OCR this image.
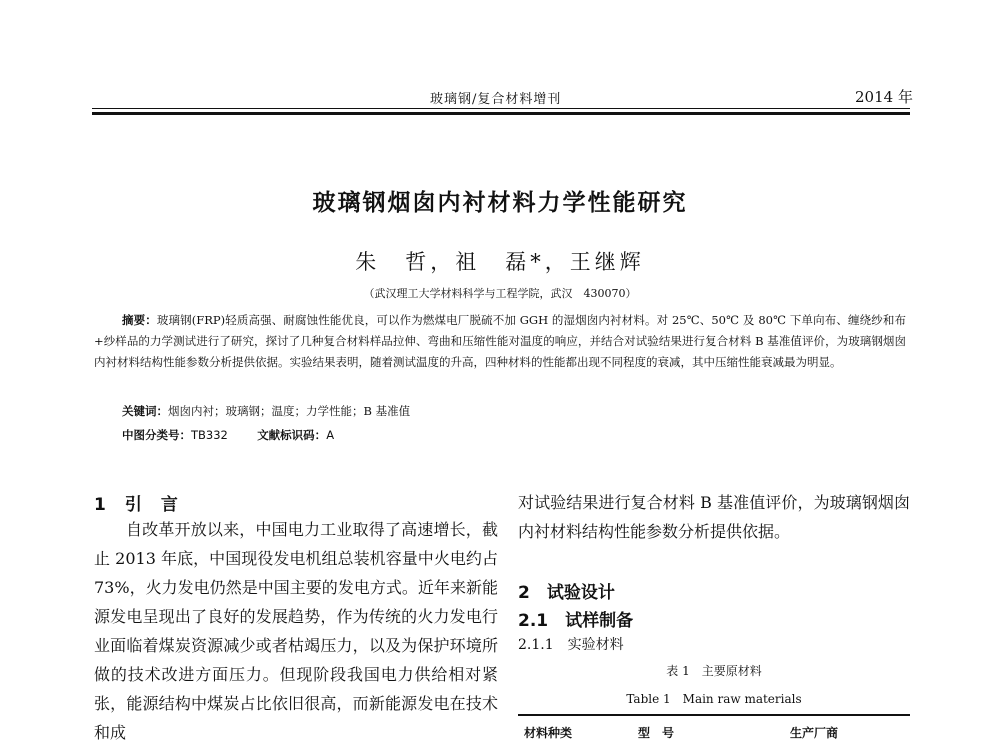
玻璃钢/复合材料增刊	2014 年
玻璃钢烟囱内衬材料力学性能研究
朱　哲，祖　磊*，王继辉
（武汉理工大学材料科学与工程学院，武汉　430070）
摘要：玻璃钢(FRP)轻质高强、耐腐蚀性能优良，可以作为燃煤电厂脱硫不加 GGH 的湿烟囱内衬材料。对 25℃、50℃ 及 80℃ 下单向布、缠绕纱和布+纱样品的力学测试进行了研究，探讨了几种复合材料样品拉伸、弯曲和压缩性能对温度的响应，并结合对试验结果进行复合材料 B 基准值评价，为玻璃钢烟囱内衬材料结构性能参数分析提供依据。实验结果表明，随着测试温度的升高，四种材料的性能都出现不同程度的衰减，其中压缩性能衰减最为明显。
关键词：烟囱内衬；玻璃钢；温度；力学性能；B 基准值
中图分类号：TB332	文献标识码：A
1　引　言
自改革开放以来，中国电力工业取得了高速增长，截止 2013 年底，中国现役发电机组总装机容量中火电约占 73%，火力发电仍然是中国主要的发电方式。近年来新能源发电呈现出了良好的发展趋势，作为传统的火力发电行业面临着煤炭资源减少或者枯竭压力，以及为保护环境所做的技术改进方面压力。但现阶段我国电力供给相对紧张，能源结构中煤炭占比依旧很高，而新能源发电在技术和成
对试验结果进行复合材料 B 基准值评价，为玻璃钢烟囱内衬材料结构性能参数分析提供依据。
2　试验设计
2.1　试样制备
2.1.1　实验材料
表 1　主要原材料
Table 1　Main raw materials
材料种类	型　号	生产厂商
